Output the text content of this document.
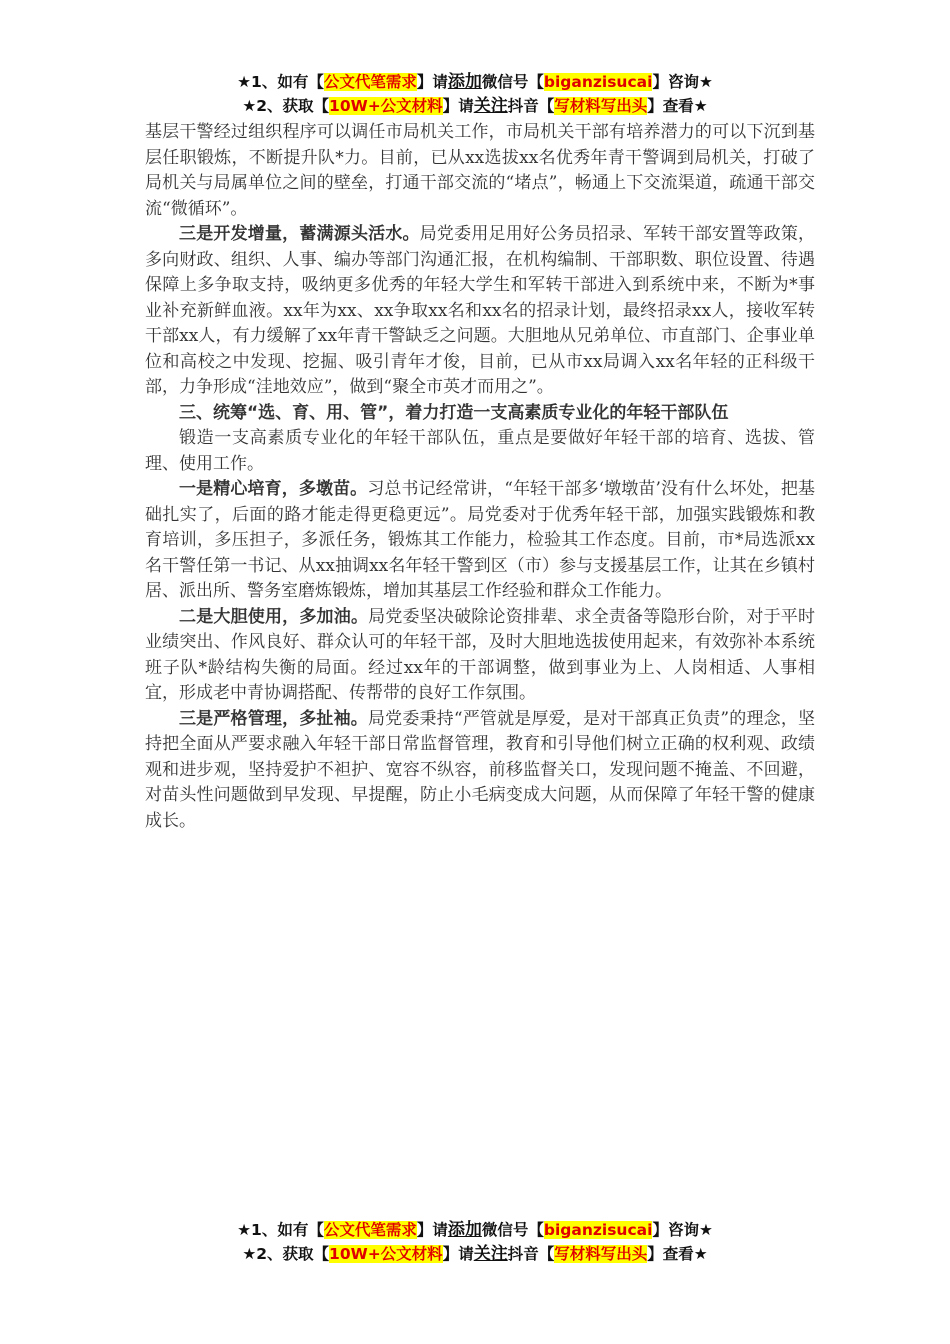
★1、如有【公文代笔需求】请添加微信号【biganzisucai】咨询★
★2、获取【10W+公文材料】请关注抖音【写材料写出头】查看★

基层干警经过组织程序可以调任市局机关工作，市局机关干部有培养潜力的可以下沉到基层任职锻炼，不断提升队*力。目前，已从xx选拔xx名优秀年青干警调到局机关，打破了局机关与局属单位之间的壁垒，打通干部交流的“堵点”，畅通上下交流渠道，疏通干部交流“微循环”。

三是开发增量，蓄满源头活水。局党委用足用好公务员招录、军转干部安置等政策，多向财政、组织、人事、编办等部门沟通汇报，在机构编制、干部职数、职位设置、待遇保障上多争取支持，吸纳更多优秀的年轻大学生和军转干部进入到系统中来，不断为*事业补充新鲜血液。xx年为xx、xx争取xx名和xx名的招录计划，最终招录xx人，接收军转干部xx人，有力缓解了xx年青干警缺乏之问题。大胆地从兄弟单位、市直部门、企事业单位和高校之中发现、挖掘、吸引青年才俊，目前，已从市xx局调入xx名年轻的正科级干部，力争形成“洼地效应”，做到“聚全市英才而用之”。

三、统筹“选、育、用、管”，着力打造一支高素质专业化的年轻干部队伍

锻造一支高素质专业化的年轻干部队伍，重点是要做好年轻干部的培育、选拔、管理、使用工作。

一是精心培育，多墩苗。习总书记经常讲，“年轻干部多‘墩墩苗’没有什么坏处，把基础扎实了，后面的路才能走得更稳更远”。局党委对于优秀年轻干部，加强实践锻炼和教育培训，多压担子，多派任务，锻炼其工作能力，检验其工作态度。目前，市*局选派xx名干警任第一书记、从xx抽调xx名年轻干警到区（市）参与支援基层工作，让其在乡镇村居、派出所、警务室磨炼锻炼，增加其基层工作经验和群众工作能力。

二是大胆使用，多加油。局党委坚决破除论资排辈、求全责备等隐形台阶，对于平时业绩突出、作风良好、群众认可的年轻干部，及时大胆地选拔使用起来，有效弥补本系统班子队*龄结构失衡的局面。经过xx年的干部调整，做到事业为上、人岗相适、人事相宜，形成老中青协调搭配、传帮带的良好工作氛围。

三是严格管理，多扯袖。局党委秉持“严管就是厚爱，是对干部真正负责”的理念，坚持把全面从严要求融入年轻干部日常监督管理，教育和引导他们树立正确的权利观、政绩观和进步观，坚持爱护不袒护、宽容不纵容，前移监督关口，发现问题不掩盖、不回避，对苗头性问题做到早发现、早提醒，防止小毛病变成大问题，从而保障了年轻干警的健康成长。

★1、如有【公文代笔需求】请添加微信号【biganzisucai】咨询★
★2、获取【10W+公文材料】请关注抖音【写材料写出头】查看★
